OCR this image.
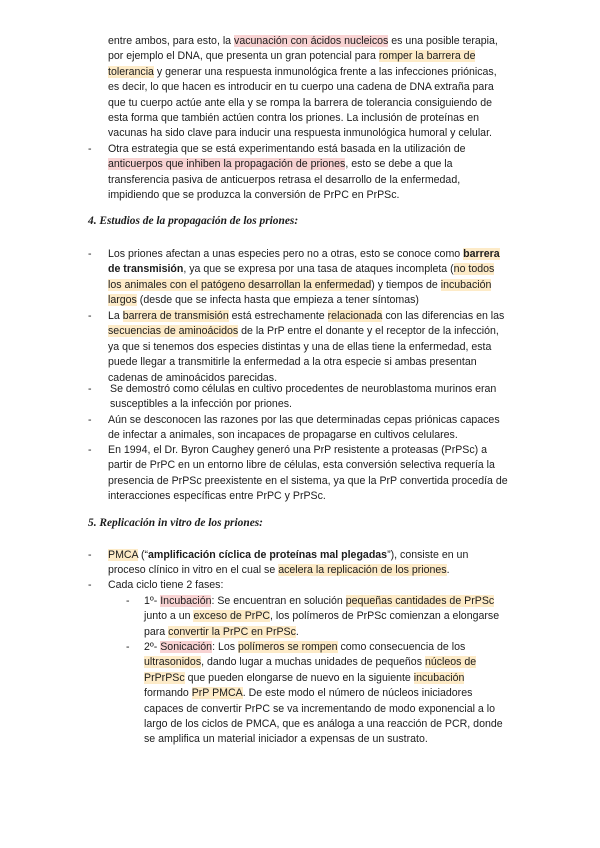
entre ambos, para esto, la vacunación con ácidos nucleicos es una posible terapia,
por ejemplo el DNA, que presenta un gran potencial para romper la barrera de
tolerancia y generar una respuesta inmunológica frente a las infecciones priónicas,
es decir, lo que hacen es introducir en tu cuerpo una cadena de DNA extraña para
que tu cuerpo actúe ante ella y se rompa la barrera de tolerancia consiguiendo de
esta forma que también actúen contra los priones. La inclusión de proteínas en
vacunas ha sido clave para inducir una respuesta inmunológica humoral y celular.
- Otra estrategia que se está experimentando está basada en la utilización de
anticuerpos que inhiben la propagación de priones, esto se debe a que la
transferencia pasiva de anticuerpos retrasa el desarrollo de la enfermedad,
impidiendo que se produzca la conversión de PrPC en PrPSc.
4. Estudios de la propagación de los priones:
- Los priones afectan a unas especies pero no a otras, esto se conoce como barrera
de transmisión, ya que se expresa por una tasa de ataques incompleta (no todos
los animales con el patógeno desarrollan la enfermedad) y tiempos de incubación
largos (desde que se infecta hasta que empieza a tener síntomas)
- La barrera de transmisión está estrechamente relacionada con las diferencias en las
secuencias de aminoácidos de la PrP entre el donante y el receptor de la infección,
ya que si tenemos dos especies distintas y una de ellas tiene la enfermedad, esta
puede llegar a transmitirle la enfermedad a la otra especie si ambas presentan
cadenas de aminoácidos parecidas.
- Se demostró como células en cultivo procedentes de neuroblastoma murinos eran
susceptibles a la infección por priones.
- Aún se desconocen las razones por las que determinadas cepas priónicas capaces
de infectar a animales, son incapaces de propagarse en cultivos celulares.
- En 1994, el Dr. Byron Caughey generó una PrP resistente a proteasas (PrPSc) a
partir de PrPC en un entorno libre de células, esta conversión selectiva requería la
presencia de PrPSc preexistente en el sistema, ya que la PrP convertida procedía de
interacciones específicas entre PrPC y PrPSc.
5. Replicación in vitro de los priones:
- PMCA (“amplificación cíclica de proteínas mal plegadas”), consiste en un
proceso clínico in vitro en el cual se acelera la replicación de los priones.
- Cada ciclo tiene 2 fases:
- 1º- Incubación: Se encuentran en solución pequeñas cantidades de PrPSc
junto a un exceso de PrPC, los polímeros de PrPSc comienzan a elongarse
para convertir la PrPC en PrPSc.
- 2º- Sonicación: Los polímeros se rompen como consecuencia de los
ultrasonidos, dando lugar a muchas unidades de pequeños núcleos de
PrPrPSc que pueden elongarse de nuevo en la siguiente incubación
formando PrP PMCA. De este modo el número de núcleos iniciadores
capaces de convertir PrPC se va incrementando de modo exponencial a lo
largo de los ciclos de PMCA, que es análoga a una reacción de PCR, donde
se amplifica un material iniciador a expensas de un sustrato.
